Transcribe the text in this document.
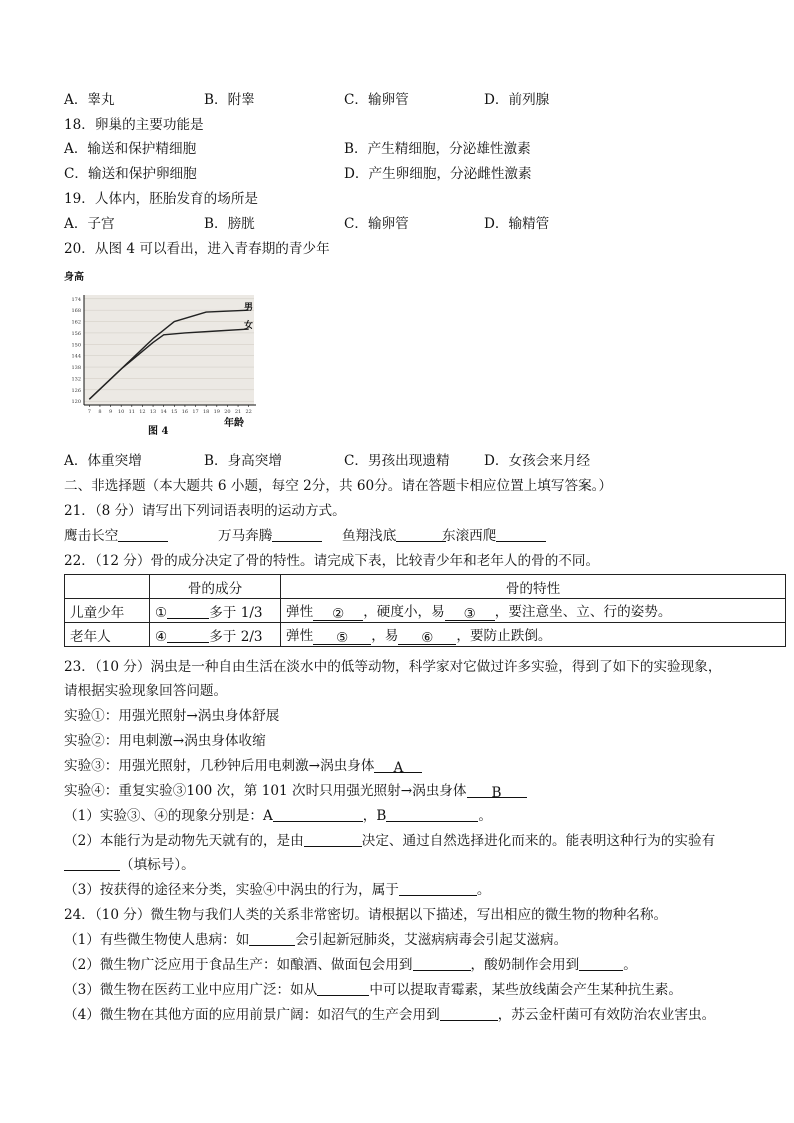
A．睾丸	B．附睾	C．输卵管	D．前列腺
18．卵巢的主要功能是
A．输送和保护精细胞	B．产生精细胞，分泌雄性激素
C．输送和保护卵细胞	D．产生卵细胞，分泌雌性激素
19．人体内，胚胎发育的场所是
A．子宫	B．膀胱	C．输卵管	D．输精管
20．从图 4 可以看出，进入青春期的青少年
身高
120
126
132
138
144
150
156
162
168
174
7 8 9 10 11 12 13 14 15 16 17 18 19 20 21 22
男
女
图 4
年龄
A．体重突增	B．身高突增	C．男孩出现遗精	D．女孩会来月经
二、非选择题（本大题共 6 小题，每空 2分，共 60分。请在答题卡相应位置上填写答案。）
21．（8 分）请写出下列词语表明的运动方式。
鹰击长空	万马奔腾	鱼翔浅底	东滚西爬
22．（12 分）骨的成分决定了骨的特性。请完成下表，比较青少年和老年人的骨的不同。
	骨的成分	骨的特性
儿童少年	① 多于 1/3	弹性 ② ，硬度小，易 ③ ，要注意坐、立、行的姿势。
老年人	④ 多于 2/3	弹性 ⑤ ，易 ⑥ ，要防止跌倒。
23．（10 分）涡虫是一种自由生活在淡水中的低等动物，科学家对它做过许多实验，得到了如下的实验现象，
请根据实验现象回答问题。
实验①：用强光照射→涡虫身体舒展
实验②：用电刺激→涡虫身体收缩
实验③：用强光照射，几秒钟后用电刺激→涡虫身体 A
实验④：重复实验③100 次，第 101 次时只用强光照射→涡虫身体 B
（1）实验③、④的现象分别是：A	，B	。
（2）本能行为是动物先天就有的，是由	决定、通过自然选择进化而来的。能表明这种行为的实验有
（填标号）。
（3）按获得的途径来分类，实验④中涡虫的行为，属于	。
24．（10 分）微生物与我们人类的关系非常密切。请根据以下描述，写出相应的微生物的物种名称。
（1）有些微生物使人患病：如	会引起新冠肺炎，艾滋病病毒会引起艾滋病。
（2）微生物广泛应用于食品生产：如酿酒、做面包会用到	，酸奶制作会用到	。
（3）微生物在医药工业中应用广泛：如从	中可以提取青霉素，某些放线菌会产生某种抗生素。
（4）微生物在其他方面的应用前景广阔：如沼气的生产会用到	，苏云金杆菌可有效防治农业害虫。
